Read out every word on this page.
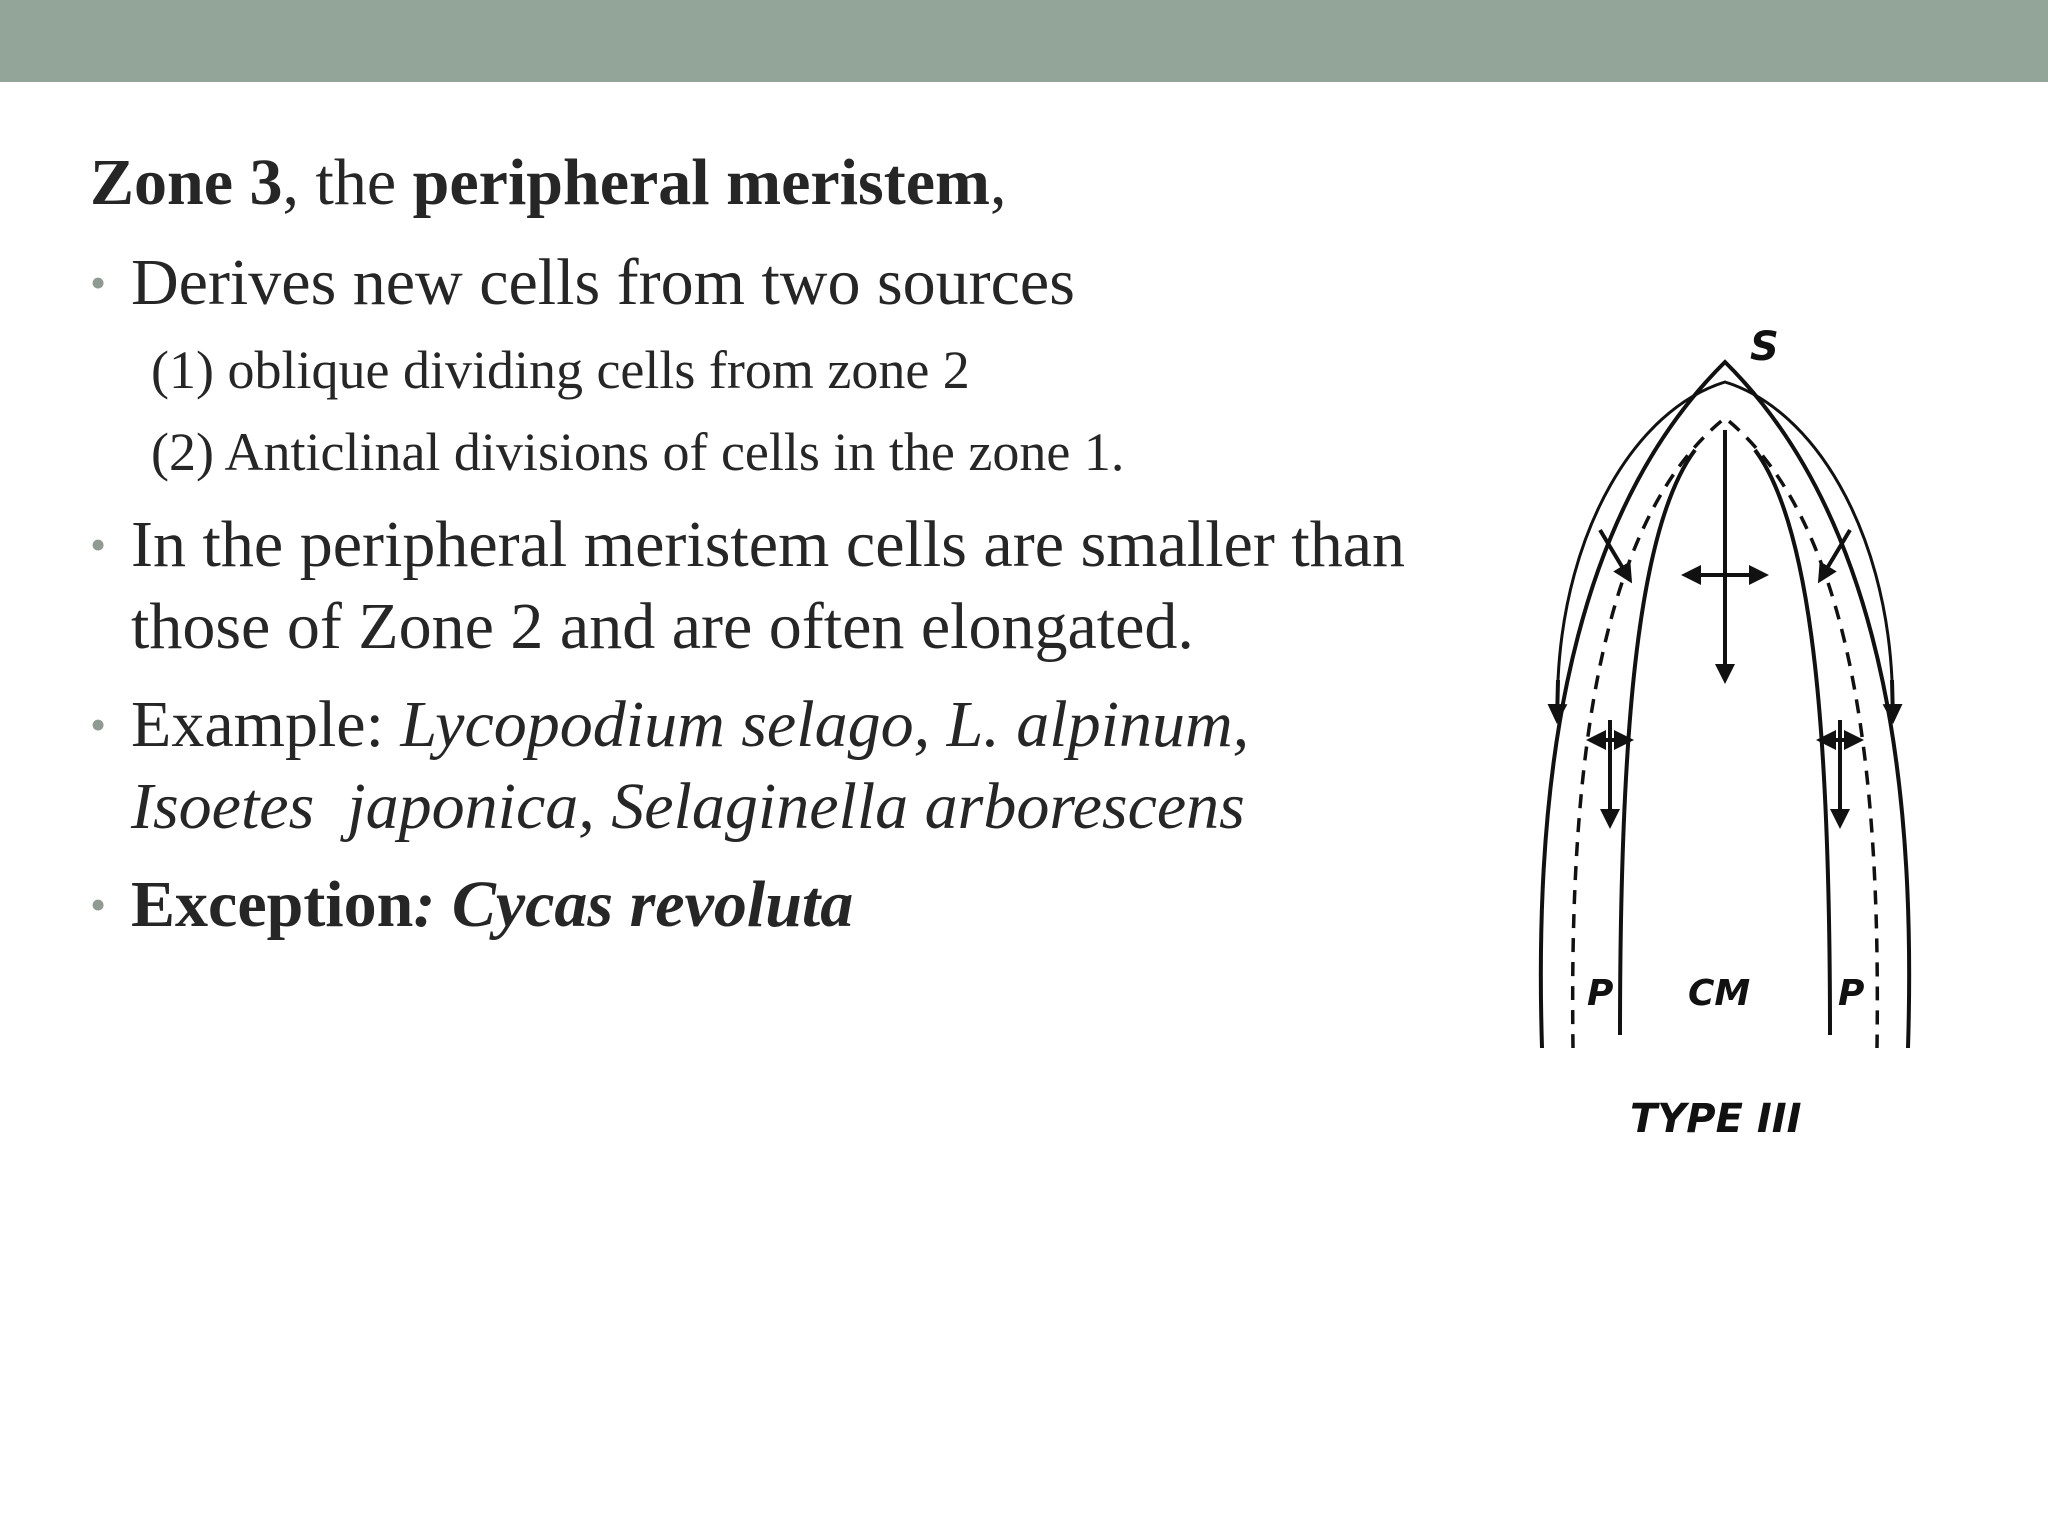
Zone 3, the peripheral meristem,
• Derives new cells from two sources
(1) oblique dividing cells from zone 2
(2) Anticlinal divisions of cells in the zone 1.
• In the peripheral meristem cells are smaller than those of Zone 2 and are often elongated.
• Example: Lycopodium selago, L. alpinum,
Isoetes  japonica, Selaginella arborescens
• Exception: Cycas revoluta
S
P CM P
TYPE III
